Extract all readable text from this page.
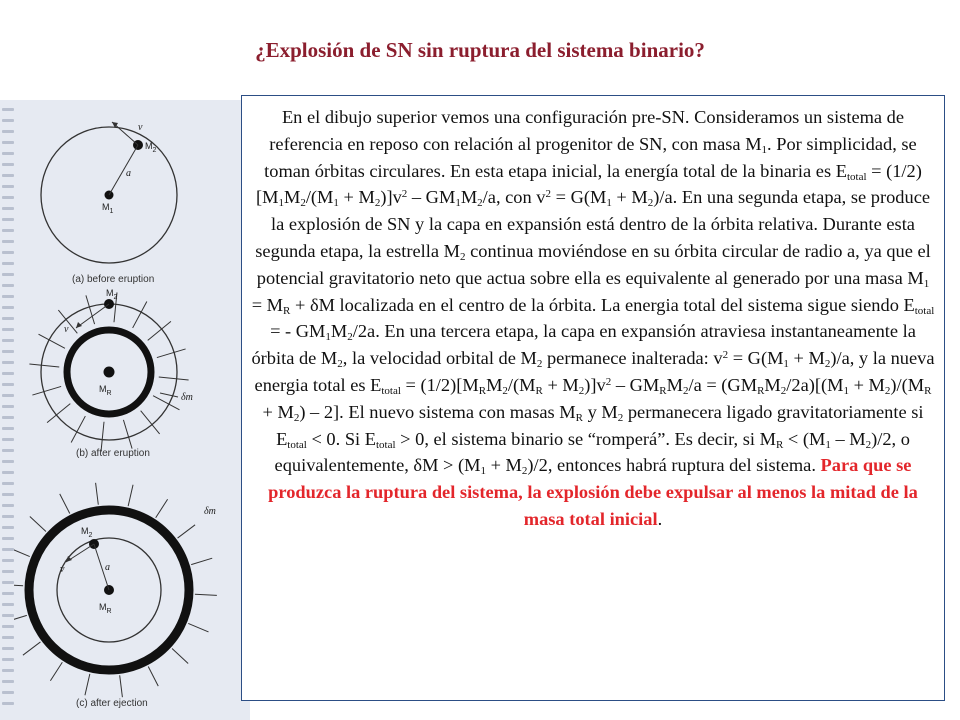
¿Explosión de SN sin ruptura del sistema binario?
v
a
$M_2$
$M_1$
(a) before eruption
v
$M_2$
$M_R$	δm
(b) after eruption
v	a
$M_2$
$M_R$
δm
(c) after ejection

En el dibujo superior vemos una configuración pre-SN. Consideramos un sistema de referencia en reposo con relación al progenitor de SN, con masa $M_1$. Por simplicidad, se toman órbitas circulares. En esta etapa inicial, la energía total de la binaria es $E_{total} = (1/2)[M_1M_2/(M_1 + M_2)]v^2 - GM_1M_2/a$, con $v^2 = G(M_1 + M_2)/a$. En una segunda etapa, se produce la explosión de SN y la capa en expansión está dentro de la órbita relativa. Durante esta segunda etapa, la estrella $M_2$ continua moviéndose en su órbita circular de radio a, ya que el potencial gravitatorio neto que actua sobre ella es equivalente al generado por una masa $M_1 = M_R + \delta M$ localizada en el centro de la órbita. La energia total del sistema sigue siendo $E_{total}$ = - $GM_1M_2/2a$. En una tercera etapa, la capa en expansión atraviesa instantaneamente la órbita de $M_2$, la velocidad orbital de $M_2$ permanece inalterada: $v^2 = G(M_1 + M_2)/a$, y la nueva energia total es $E_{total} = (1/2)[M_RM_2/(M_R + M_2)]v^2 - GM_RM_2/a = (GM_RM_2/2a)[(M_1 + M_2)/(M_R + M_2) - 2]$. El nuevo sistema con masas $M_R$ y $M_2$ permanecera ligado gravitatoriamente si $E_{total} < 0$. Si $E_{total} > 0$, el sistema binario se “romperá”. Es decir, si $M_R < (M_1 - M_2)/2$, o equivalentemente, $\delta M > (M_1 + M_2)/2$, entonces habrá ruptura del sistema. Para que se produzca la ruptura del sistema, la explosión debe expulsar al menos la mitad de la masa total inicial.
